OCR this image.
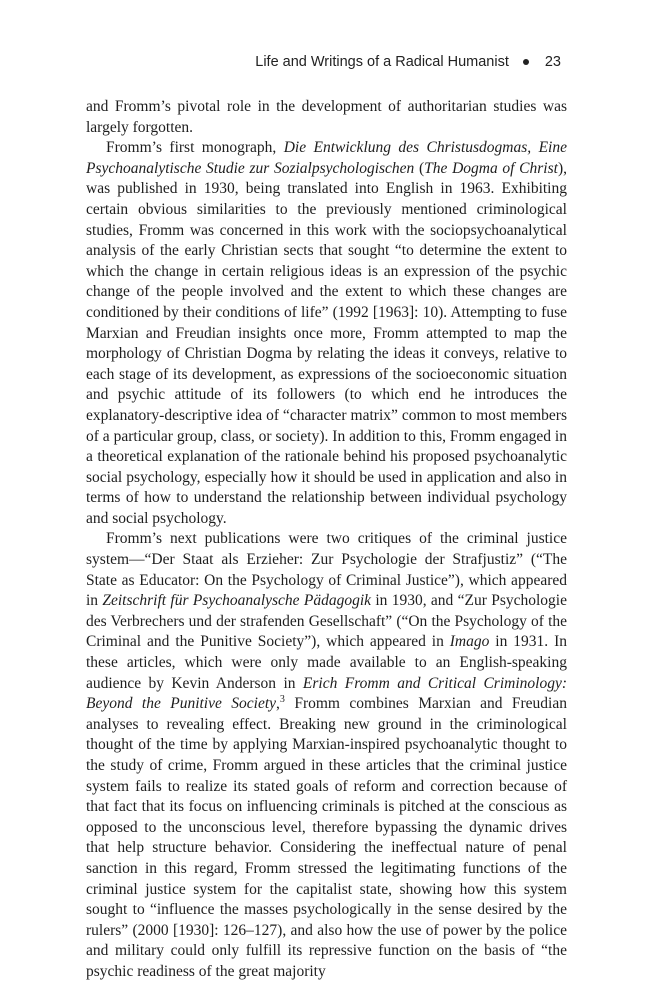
Life and Writings of a Radical Humanist 23

and Fromm’s pivotal role in the development of authoritarian studies was largely forgotten.

Fromm’s first monograph, Die Entwicklung des Christusdogmas, Eine Psychoanalytische Studie zur Sozialpsychologischen (The Dogma of Christ), was published in 1930, being translated into English in 1963. Exhibiting certain obvious similarities to the previously mentioned criminological studies, Fromm was concerned in this work with the sociopsychoanalytical analysis of the early Christian sects that sought “to determine the extent to which the change in certain religious ideas is an expression of the psychic change of the people involved and the extent to which these changes are conditioned by their conditions of life” (1992 [1963]: 10). Attempting to fuse Marxian and Freudian insights once more, Fromm attempted to map the morphology of Christian Dogma by relating the ideas it conveys, relative to each stage of its development, as expressions of the socioeconomic situation and psychic attitude of its followers (to which end he introduces the explanatory-descriptive idea of “character matrix” common to most members of a particular group, class, or society). In addition to this, Fromm engaged in a theoretical explanation of the rationale behind his proposed psychoanalytic social psychology, especially how it should be used in application and also in terms of how to understand the relationship between individual psychology and social psychology.

Fromm’s next publications were two critiques of the criminal justice system—“Der Staat als Erzieher: Zur Psychologie der Strafjustiz” (“The State as Educator: On the Psychology of Criminal Justice”), which appeared in Zeitschrift für Psychoanalysche Pädagogik in 1930, and “Zur Psychologie des Verbrechers und der strafenden Gesellschaft” (“On the Psychology of the Criminal and the Punitive Society”), which appeared in Imago in 1931. In these articles, which were only made available to an English-speaking audience by Kevin Anderson in Erich Fromm and Critical Criminology: Beyond the Punitive Society,$^3$ Fromm combines Marxian and Freudian analyses to revealing effect. Breaking new ground in the criminological thought of the time by applying Marxian-inspired psychoanalytic thought to the study of crime, Fromm argued in these articles that the criminal justice system fails to realize its stated goals of reform and correction because of that fact that its focus on influencing criminals is pitched at the conscious as opposed to the unconscious level, therefore bypassing the dynamic drives that help structure behavior. Considering the ineffectual nature of penal sanction in this regard, Fromm stressed the legitimating functions of the criminal justice system for the capitalist state, showing how this system sought to “influence the masses psychologically in the sense desired by the rulers” (2000 [1930]: 126–127), and also how the use of power by the police and military could only fulfill its repressive function on the basis of “the psychic readiness of the great majority
